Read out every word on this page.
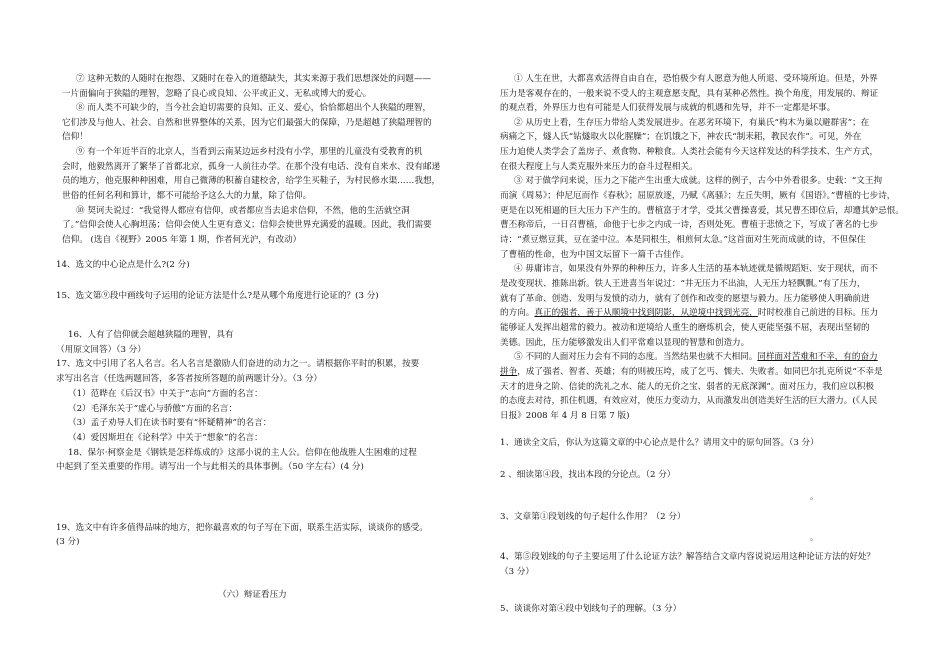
⑦ 这种无数的人随时在抱怨、又随时在卷入的道德缺失，其实来源于我们思想深处的问题——
一片面偏向于狭隘的理智，忽略了良心或良知、公平或正义、无私或博大的爱心。
⑧ 而人类不可缺少的，当今社会迫切需要的良知、正义、爱心，恰恰都超出个人狭隘的理智，
它们涉及与他人、社会、自然和世界整体的关系，因为它们最强大的保障，乃是超越了狭隘理智的
信仰！
⑨ 有一个年近半百的北京人，当看到云南某边远乡村没有小学，那里的儿童没有受教育的机
会时，他毅然离开了繁华了首都北京，孤身一人前往办学。在那个没有电话、没有自来水、没有邮递
员的地方，他克服种种困难，用自己微薄的积蓄自建校舍，给学生买鞋子，为村民修水渠……我想，
世俗的任何名利和算计，都不可能给予这么大的力量，除了信仰。
⑩ 契诃夫说过：“我觉得人都应有信仰，或者都应当去追求信仰，不然，他的生活就空洞
了。”信仰会使人心胸坦荡；信仰会使人生更有意义；信仰会使世界充满爱的温暖。因此，我们需要
信仰。 (选自《视野》2005 年第 1 期，作者何光沪，有改动）
14、选文的中心论点是什么?(2 分)
15、选文第⑨段中画线句子运用的论证方法是什么?是从哪个角度进行论证的？(3 分)
16、人有了信仰就会超越狭隘的理智，具有
（用原文回答）（3 分）
17、选文中引用了名人名言。名人名言是激励人们奋进的动力之一。请根据你平时的积累，按要
求写出名言（任选两题回答，多答者按所答题的前两题计分）。（3 分）
（1）范晔在《后汉书》中关于“志向”方面的名言：
（2）毛泽东关于“虚心与骄傲”方面的名言：
（3）孟子劝导人们在读书时要有“怀疑精神”的名言：
（4）爱因斯坦在《论科学》中关于“想象”的名言：
18、保尔·柯察金是《钢铁是怎样炼成的》这部小说的主人公。信仰在他战胜人生困难的过程
中起到了至关重要的作用。请写出一个与此相关的具体事例。（50 字左右）(4 分)
19、选文中有许多值得品味的地方，把你最喜欢的句子写在下面，联系生活实际，谈谈你的感受。
(3 分)
（六）辩证看压力
① 人生在世，大都喜欢活得自由自在，恐怕极少有人愿意为他人所退、受环境所迫。但是，外界
压力是客观存在的，一般来说不受人的主观意愿支配，具有某种必然性。换个角度，用发展的、辩证
的观点看，外界压力也有可能是人们获得发展与成就的机遇和先导，并不一定都是坏事。
② 从历史上看，生存压力带给人类发展进步。在恶劣环境下，有巢氏“构木为巢以避群害”；在
病痛之下，燧人氏“钻燧取火以化腥臊”；在饥饿之下，神农氏“制耒耜，教民农作”。可见，外在
压力迫使人类学会了盖房子、煮食物、种粮食。人类社会能有今天这样发达的科学技术、生产方式，
在很大程度上与人类克服外来压力的奋斗过程相关。
③ 对于做学问来说，压力之下能产生出重大成就。这样的例子，古今中外看很多。史载：“文王拘
而演《周易》；仲尼厄而作《春秋》；屈原放逐，乃赋《离骚》；左丘失明，厥有《国语》。”曹植的七步诗，
更是在以死相逼的巨大压力下产生的。曹植富于才学，受其父曹操喜爱，其兄曹丕即位后，却遭其妒忌恨。
曹丕称帝后，一日召曹植，命他于七步之内成一诗，否则处死。曹植于悲愤之下，写成了著名的七步
诗：“煮豆燃豆萁，豆在釜中泣。本是同根生，相煎何太急。”这首面对生死而成就的诗，不但保住
了曹植的性命，也为中国文坛留下一篇千古佳作。
④ 毋庸讳言，如果没有外界的种种压力，许多人生活的基本轨迹就是循规蹈矩、安于现状，而不
是改变现状、推陈出新。铁人王进喜当年说过：“井无压力不出油，人无压力轻飘飘。”有了压力，
就有了革命、创造、发明与发愤的动力，就有了创作和改变的愿望与毅力。压力能够使人明确前进
的方向。真正的强者，善于从顺境中找到阴影，从逆境中找到光亮，时时校准自己前进的目标。压力
能够证人发挥出超常的毅力。被动和逆境给人重生的磨炼机会，使人更能坚强不屈，表现出坚韧的
美德。因此，压力能够激发出人们平常难以显现的智慧和创造力。
⑤ 不同的人面对压力会有不同的态度。当然结果也就不大相同。同样面对苦难和不幸，有的奋力
拼争，成了强者、智者、英雄；有的则被压垮，成了乞丐、懦夫、失败者。如同巴尔扎克所说“不幸是
天才的进身之阶、信徒的洗礼之水、能人的无价之宝、弱者的无底深渊”。面对压力，我们应以积极
的态度去对待，抓住机遇，有效应对，使压力变动力，从而激发出创造美好生活的巨大潜力。(《人民
日报》2008 年 4 月 8 日第 7 版)
1、通读全文后，你认为这篇文章的中心论点是什么？请用文中的原句回答。（3 分）
2 、细读第④段，找出本段的分论点。（2 分）
。
3、文章第①段划线的句子起什么作用？（2 分）
。
4、第⑤段划线的句子主要运用了什么论证方法？解答结合文章内容说说运用这种论证方法的好处？
（3 分）
5、谈谈你对第④段中划线句子的理解。（3 分）
